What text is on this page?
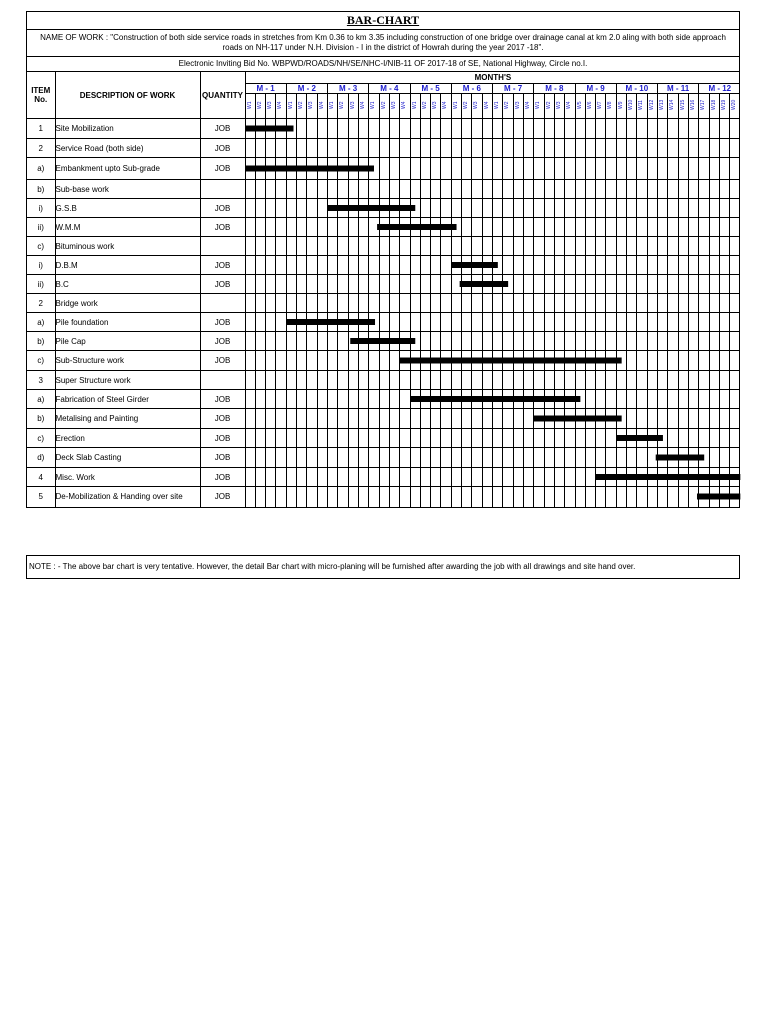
BAR-CHART
NAME OF WORK : "Construction of both side service roads in stretches from Km 0.36 to km 3.35 including construction of one bridge over drainage canal at km 2.0 aling with both side approach roads on NH-117 under N.H. Division - I in the district of Howrah during the year 2017 -18".
Electronic Inviting Bid No. WBPWD/ROADS/NH/SE/NHC-I/NIB-11 OF 2017-18 of SE, National Highway, Circle no.I.
ITEM No.	DESCRIPTION OF WORK	QUANTITY	MONTH'S																																															
			M - 1				M - 2				M - 3				M - 4				M - 5				M - 6				M - 7				M - 8				M - 9				M - 10				M - 11				M - 12			

			W1	W2	W3	W4	W1	W2	W3	W4	W1	W2	W3	W4	W1	W2	W3	W4	W1	W2	W3	W4	W1	W2	W3	W4	W1	W2	W3	W4	W1	W2	W3	W4	W5	W6	W7	W8	W9	W10	W11	W12	W13	W14	W15	W16	W17	W18	W19	W20

1	Site Mobilization	JOB																																																
2	Service Road (both side)	JOB																																																
a)	Embankment upto Sub-grade	JOB																																																
b)	Sub-base work																																																	
i)	G.S.B	JOB																																																
ii)	W.M.M	JOB																																																
c)	Bituminous work																																																	
i)	D.B.M	JOB																																																
ii)	B.C	JOB																																																
2	Bridge work																																																	
a)	Pile foundation	JOB																																																
b)	Pile Cap	JOB																																																
c)	Sub-Structure work	JOB																																																
3	Super Structure work																																																	
a)	Fabrication of Steel Girder	JOB																																																
b)	Metalising and Painting	JOB																																																
c)	Erection	JOB																																																
d)	Deck Slab Casting	JOB																																																
4	Misc. Work	JOB																																																
5	De-Mobilization & Handing over site	JOB																																																
NOTE : - The above bar chart is very tentative. However, the detail Bar chart with micro-planing will be furnished after awarding the job with all drawings and site hand over.
